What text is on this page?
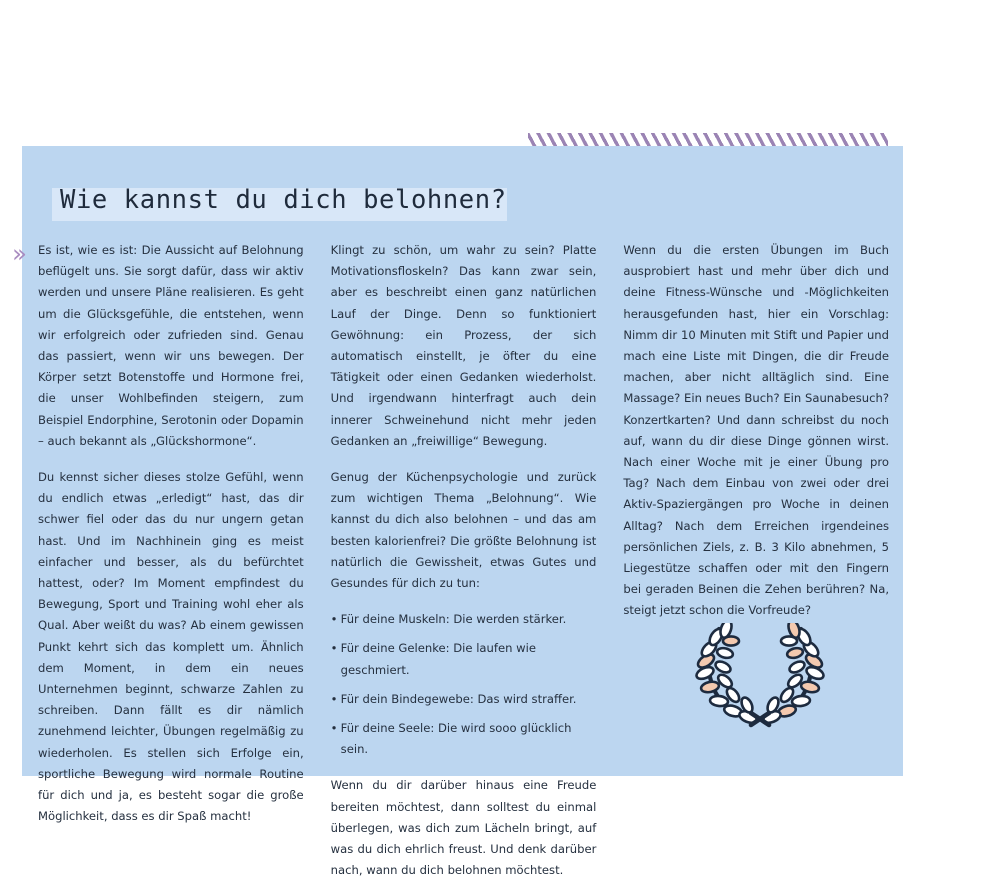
Wie kannst du dich belohnen?
›› Es ist, wie es ist: Die Aussicht auf Belohnung beflügelt uns. Sie sorgt dafür, dass wir aktiv werden und unsere Pläne realisieren. Es geht um die Glücksgefühle, die entstehen, wenn wir erfolgreich oder zufrieden sind. Genau das passiert, wenn wir uns bewegen. Der Körper setzt Botenstoffe und Hormone frei, die unser Wohlbefinden steigern, zum Beispiel Endorphine, Serotonin oder Dopamin – auch bekannt als „Glückshormone“.

Du kennst sicher dieses stolze Gefühl, wenn du endlich etwas „erledigt“ hast, das dir schwer fiel oder das du nur ungern getan hast. Und im Nachhinein ging es meist einfacher und besser, als du befürchtet hattest, oder? Im Moment empfindest du Bewegung, Sport und Training wohl eher als Qual. Aber weißt du was? Ab einem gewissen Punkt kehrt sich das komplett um. Ähnlich dem Moment, in dem ein neues Unternehmen beginnt, schwarze Zahlen zu schreiben. Dann fällt es dir nämlich zunehmend leichter, Übungen regelmäßig zu wiederholen. Es stellen sich Erfolge ein, sportliche Bewegung wird normale Routine für dich und ja, es besteht sogar die große Möglichkeit, dass es dir Spaß macht!

Klingt zu schön, um wahr zu sein? Platte Motivationsfloskeln? Das kann zwar sein, aber es beschreibt einen ganz natürlichen Lauf der Dinge. Denn so funktioniert Gewöhnung: ein Prozess, der sich automatisch einstellt, je öfter du eine Tätigkeit oder einen Gedanken wiederholst. Und irgendwann hinterfragt auch dein innerer Schweinehund nicht mehr jeden Gedanken an „freiwillige“ Bewegung.

Genug der Küchenpsychologie und zurück zum wichtigen Thema „Belohnung“. Wie kannst du dich also belohnen – und das am besten kalorienfrei? Die größte Belohnung ist natürlich die Gewissheit, etwas Gutes und Gesundes für dich zu tun:

• Für deine Muskeln: Die werden stärker.
• Für deine Gelenke: Die laufen wie geschmiert.
• Für dein Bindegewebe: Das wird straffer.
• Für deine Seele: Die wird sooo glücklich sein.

Wenn du dir darüber hinaus eine Freude bereiten möchtest, dann solltest du einmal überlegen, was dich zum Lächeln bringt, auf was du dich ehrlich freust. Und denk darüber nach, wann du dich belohnen möchtest.

Wenn du die ersten Übungen im Buch ausprobiert hast und mehr über dich und deine Fitness-Wünsche und -Möglichkeiten herausgefunden hast, hier ein Vorschlag: Nimm dir 10 Minuten mit Stift und Papier und mach eine Liste mit Dingen, die dir Freude machen, aber nicht alltäglich sind. Eine Massage? Ein neues Buch? Ein Saunabesuch? Konzertkarten? Und dann schreibst du noch auf, wann du dir diese Dinge gönnen wirst. Nach einer Woche mit je einer Übung pro Tag? Nach dem Einbau von zwei oder drei Aktiv-Spaziergängen pro Woche in deinen Alltag? Nach dem Erreichen irgendeines persönlichen Ziels, z. B. 3 Kilo abnehmen, 5 Liegestütze schaffen oder mit den Fingern bei geraden Beinen die Zehen berühren? Na, steigt jetzt schon die Vorfreude?
